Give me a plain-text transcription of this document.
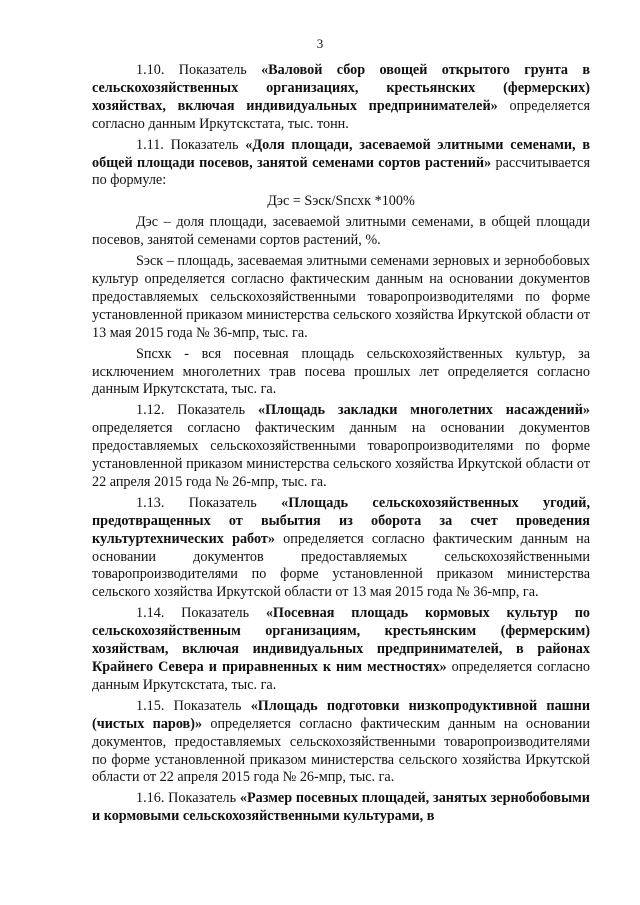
3

1.10. Показатель «Валовой сбор овощей открытого грунта в сельскохозяйственных организациях, крестьянских (фермерских) хозяйствах, включая индивидуальных предпринимателей» определяется согласно данным Иркутскстата, тыс. тонн.

1.11. Показатель «Доля площади, засеваемой элитными семенами, в общей площади посевов, занятой семенами сортов растений» рассчитывается по формуле:

Дэс = Sэск/Sпсхк *100%

Дэс – доля площади, засеваемой элитными семенами, в общей площади посевов, занятой семенами сортов растений, %.

Sэск – площадь, засеваемая элитными семенами зерновых и зернобобовых культур определяется согласно фактическим данным на основании документов предоставляемых сельскохозяйственными товаропроизводителями по форме установленной приказом министерства сельского хозяйства Иркутской области от 13 мая 2015 года № 36-мпр, тыс. га.

Sпсхк - вся посевная площадь сельскохозяйственных культур, за исключением многолетних трав посева прошлых лет определяется согласно данным Иркутскстата, тыс. га.

1.12. Показатель «Площадь закладки многолетних насаждений» определяется согласно фактическим данным на основании документов предоставляемых сельскохозяйственными товаропроизводителями по форме установленной приказом министерства сельского хозяйства Иркутской области от 22 апреля 2015 года № 26-мпр, тыс. га.

1.13. Показатель «Площадь сельскохозяйственных угодий, предотвращенных от выбытия из оборота за счет проведения культуртехнических работ» определяется согласно фактическим данным на основании документов предоставляемых сельскохозяйственными товаропроизводителями по форме установленной приказом министерства сельского хозяйства Иркутской области от 13 мая 2015 года № 36-мпр, га.

1.14. Показатель «Посевная площадь кормовых культур по сельскохозяйственным организациям, крестьянским (фермерским) хозяйствам, включая индивидуальных предпринимателей, в районах Крайнего Севера и приравненных к ним местностях» определяется согласно данным Иркутскстата, тыс. га.

1.15. Показатель «Площадь подготовки низкопродуктивной пашни (чистых паров)» определяется согласно фактическим данным на основании документов, предоставляемых сельскохозяйственными товаропроизводителями по форме установленной приказом министерства сельского хозяйства Иркутской области от 22 апреля 2015 года № 26-мпр, тыс. га.

1.16. Показатель «Размер посевных площадей, занятых зернобобовыми и кормовыми сельскохозяйственными культурами, в
